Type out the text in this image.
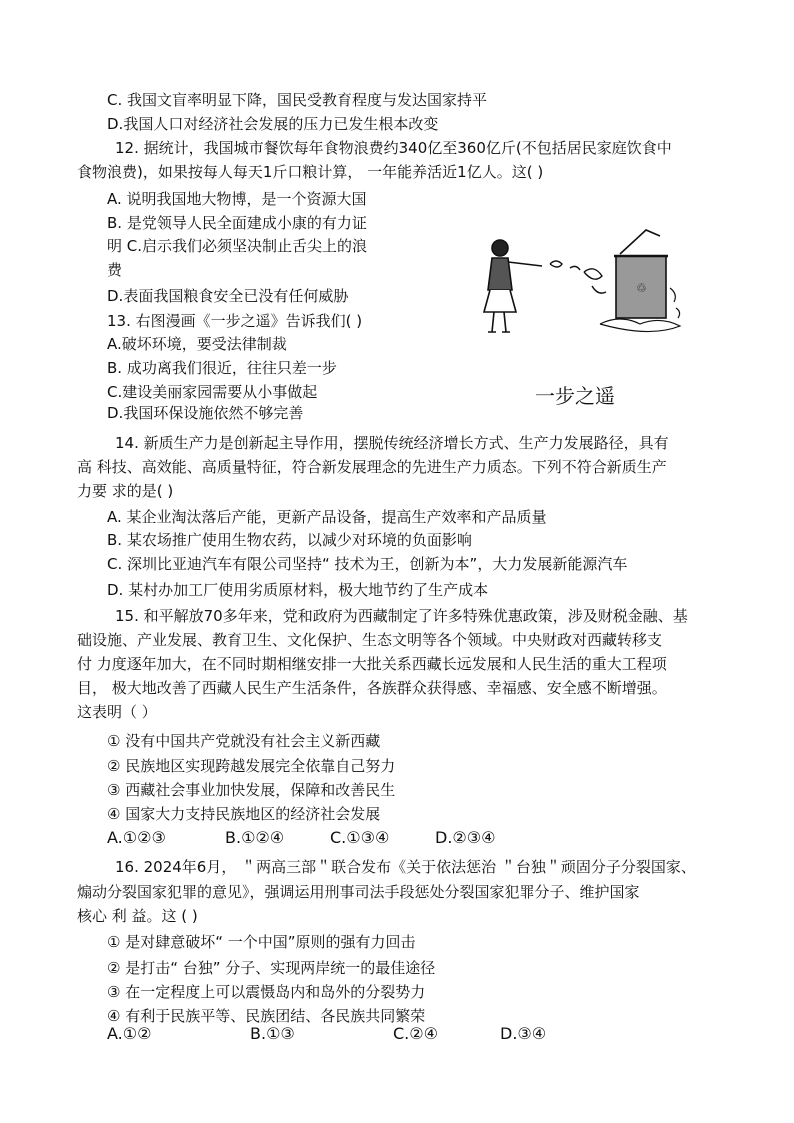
C. 我国文盲率明显下降，国民受教育程度与发达国家持平
D.我国人口对经济社会发展的压力已发生根本改变
12. 据统计，我国城市餐饮每年食物浪费约340亿至360亿斤(不包括居民家庭饮食中
食物浪费)，如果按每人每天1斤口粮计算， 一年能养活近1亿人。这( )
A. 说明我国地大物博，是一个资源大国
B. 是党领导人民全面建成小康的有力证
明 C.启示我们必须坚决制止舌尖上的浪
费
D.表面我国粮食安全已没有任何威胁
13. 右图漫画《一步之遥》告诉我们( )
A.破坏环境，要受法律制裁
B. 成功离我们很近，往往只差一步
C.建设美丽家园需要从小事做起
D.我国环保设施依然不够完善
♲
一步之遥
14. 新质生产力是创新起主导作用，摆脱传统经济增长方式、生产力发展路径，具有
高 科技、高效能、高质量特征，符合新发展理念的先进生产力质态。下列不符合新质生产
力要 求的是( )
A. 某企业淘汰落后产能，更新产品设备，提高生产效率和产品质量
B. 某农场推广使用生物农药，以减少对环境的负面影响
C. 深圳比亚迪汽车有限公司坚持“ 技术为王，创新为本”，大力发展新能源汽车
D. 某村办加工厂使用劣质原材料，极大地节约了生产成本
15. 和平解放70多年来，党和政府为西藏制定了许多特殊优惠政策，涉及财税金融、基
础设施、产业发展、教育卫生、文化保护、生态文明等各个领域。中央财政对西藏转移支
付 力度逐年加大，在不同时期相继安排一大批关系西藏长远发展和人民生活的重大工程项
目， 极大地改善了西藏人民生产生活条件，各族群众获得感、幸福感、安全感不断增强。
这表明（ ）
① 没有中国共产党就没有社会主义新西藏
② 民族地区实现跨越发展完全依靠自己努力
③ 西藏社会事业加快发展，保障和改善民生
④ 国家大力支持民族地区的经济社会发展
A.①②③	B.①②④	C.①③④	D.②③④
16. 2024年6月， ＂两高三部＂联合发布《关于依法惩治 ＂台独＂顽固分子分裂国家、
煽动分裂国家犯罪的意见》，强调运用刑事司法手段惩处分裂国家犯罪分子、维护国家
核心 利 益。这 ( )
① 是对肆意破坏“ 一个中国”原则的强有力回击
② 是打击“ 台独” 分子、实现两岸统一的最佳途径
③ 在一定程度上可以震慑岛内和岛外的分裂势力
④ 有利于民族平等、民族团结、各民族共同繁荣
A.①②	B.①③	C.②④	D.③④
